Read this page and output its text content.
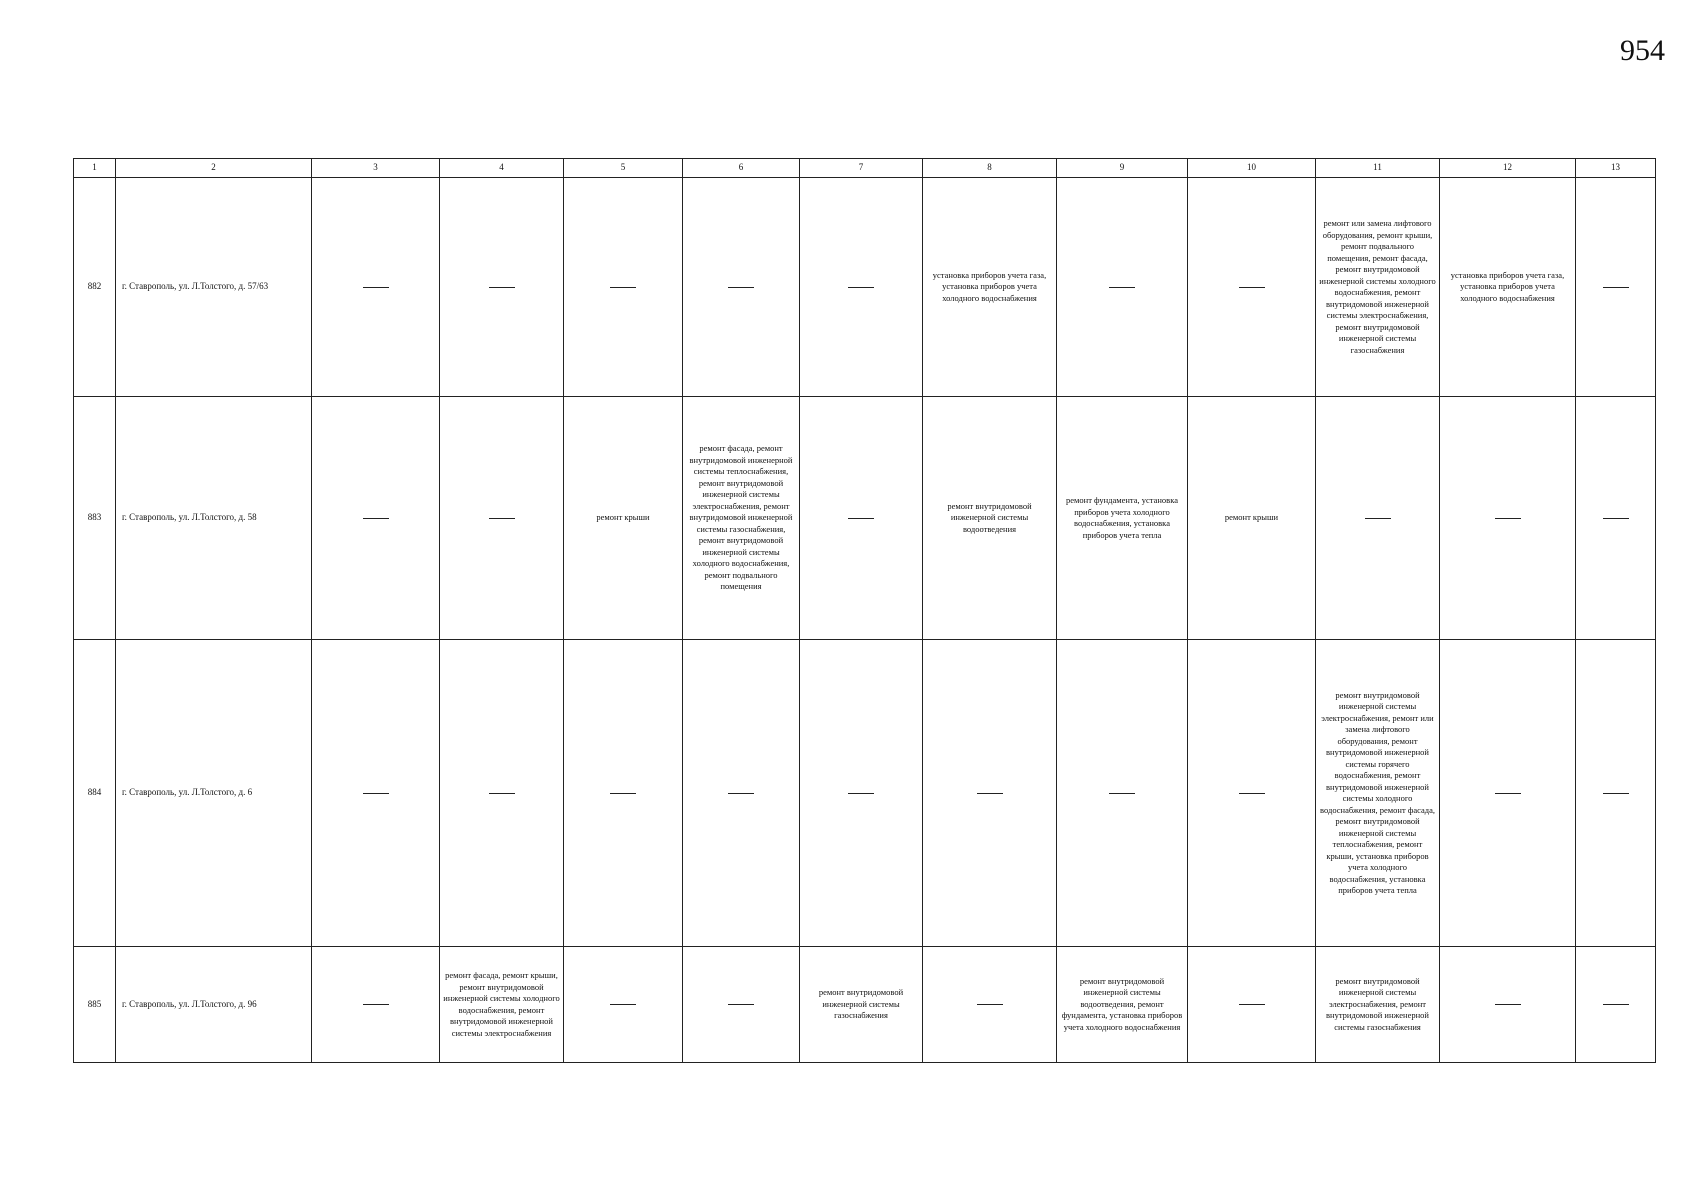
954
1	2	3	4	5	6	7	8	9	10	11	12	13
882	г. Ставрополь, ул. Л.Толстого, д. 57/63						установка приборов учета газа, установка приборов учета холодного водоснабжения			ремонт или замена лифтового оборудования, ремонт крыши, ремонт подвального помещения, ремонт фасада, ремонт внутридомовой инженерной системы холодного водоснабжения, ремонт внутридомовой инженерной системы электроснабжения, ремонт внутридомовой инженерной системы газоснабжения	установка приборов учета газа, установка приборов учета холодного водоснабжения	
883	г. Ставрополь, ул. Л.Толстого, д. 58			ремонт крыши	ремонт фасада, ремонт внутридомовой инженерной системы теплоснабжения, ремонт внутридомовой инженерной системы электроснабжения, ремонт внутридомовой инженерной системы газоснабжения, ремонт внутридомовой инженерной системы холодного водоснабжения, ремонт подвального помещения		ремонт внутридомовой инженерной системы водоотведения	ремонт фундамента, установка приборов учета холодного водоснабжения, установка приборов учета тепла	ремонт крыши			
884	г. Ставрополь, ул. Л.Толстого, д. 6									ремонт внутридомовой инженерной системы электроснабжения, ремонт или замена лифтового оборудования, ремонт внутридомовой инженерной системы горячего водоснабжения, ремонт внутридомовой инженерной системы холодного водоснабжения, ремонт фасада, ремонт внутридомовой инженерной системы теплоснабжения, ремонт крыши, установка приборов учета холодного водоснабжения, установка приборов учета тепла		
885	г. Ставрополь, ул. Л.Толстого, д. 96		ремонт фасада, ремонт крыши, ремонт внутридомовой инженерной системы холодного водоснабжения, ремонт внутридомовой инженерной системы электроснабжения			ремонт внутридомовой инженерной системы газоснабжения		ремонт внутридомовой инженерной системы водоотведения, ремонт фундамента, установка приборов учета холодного водоснабжения		ремонт внутридомовой инженерной системы электроснабжения, ремонт внутридомовой инженерной системы газоснабжения		
